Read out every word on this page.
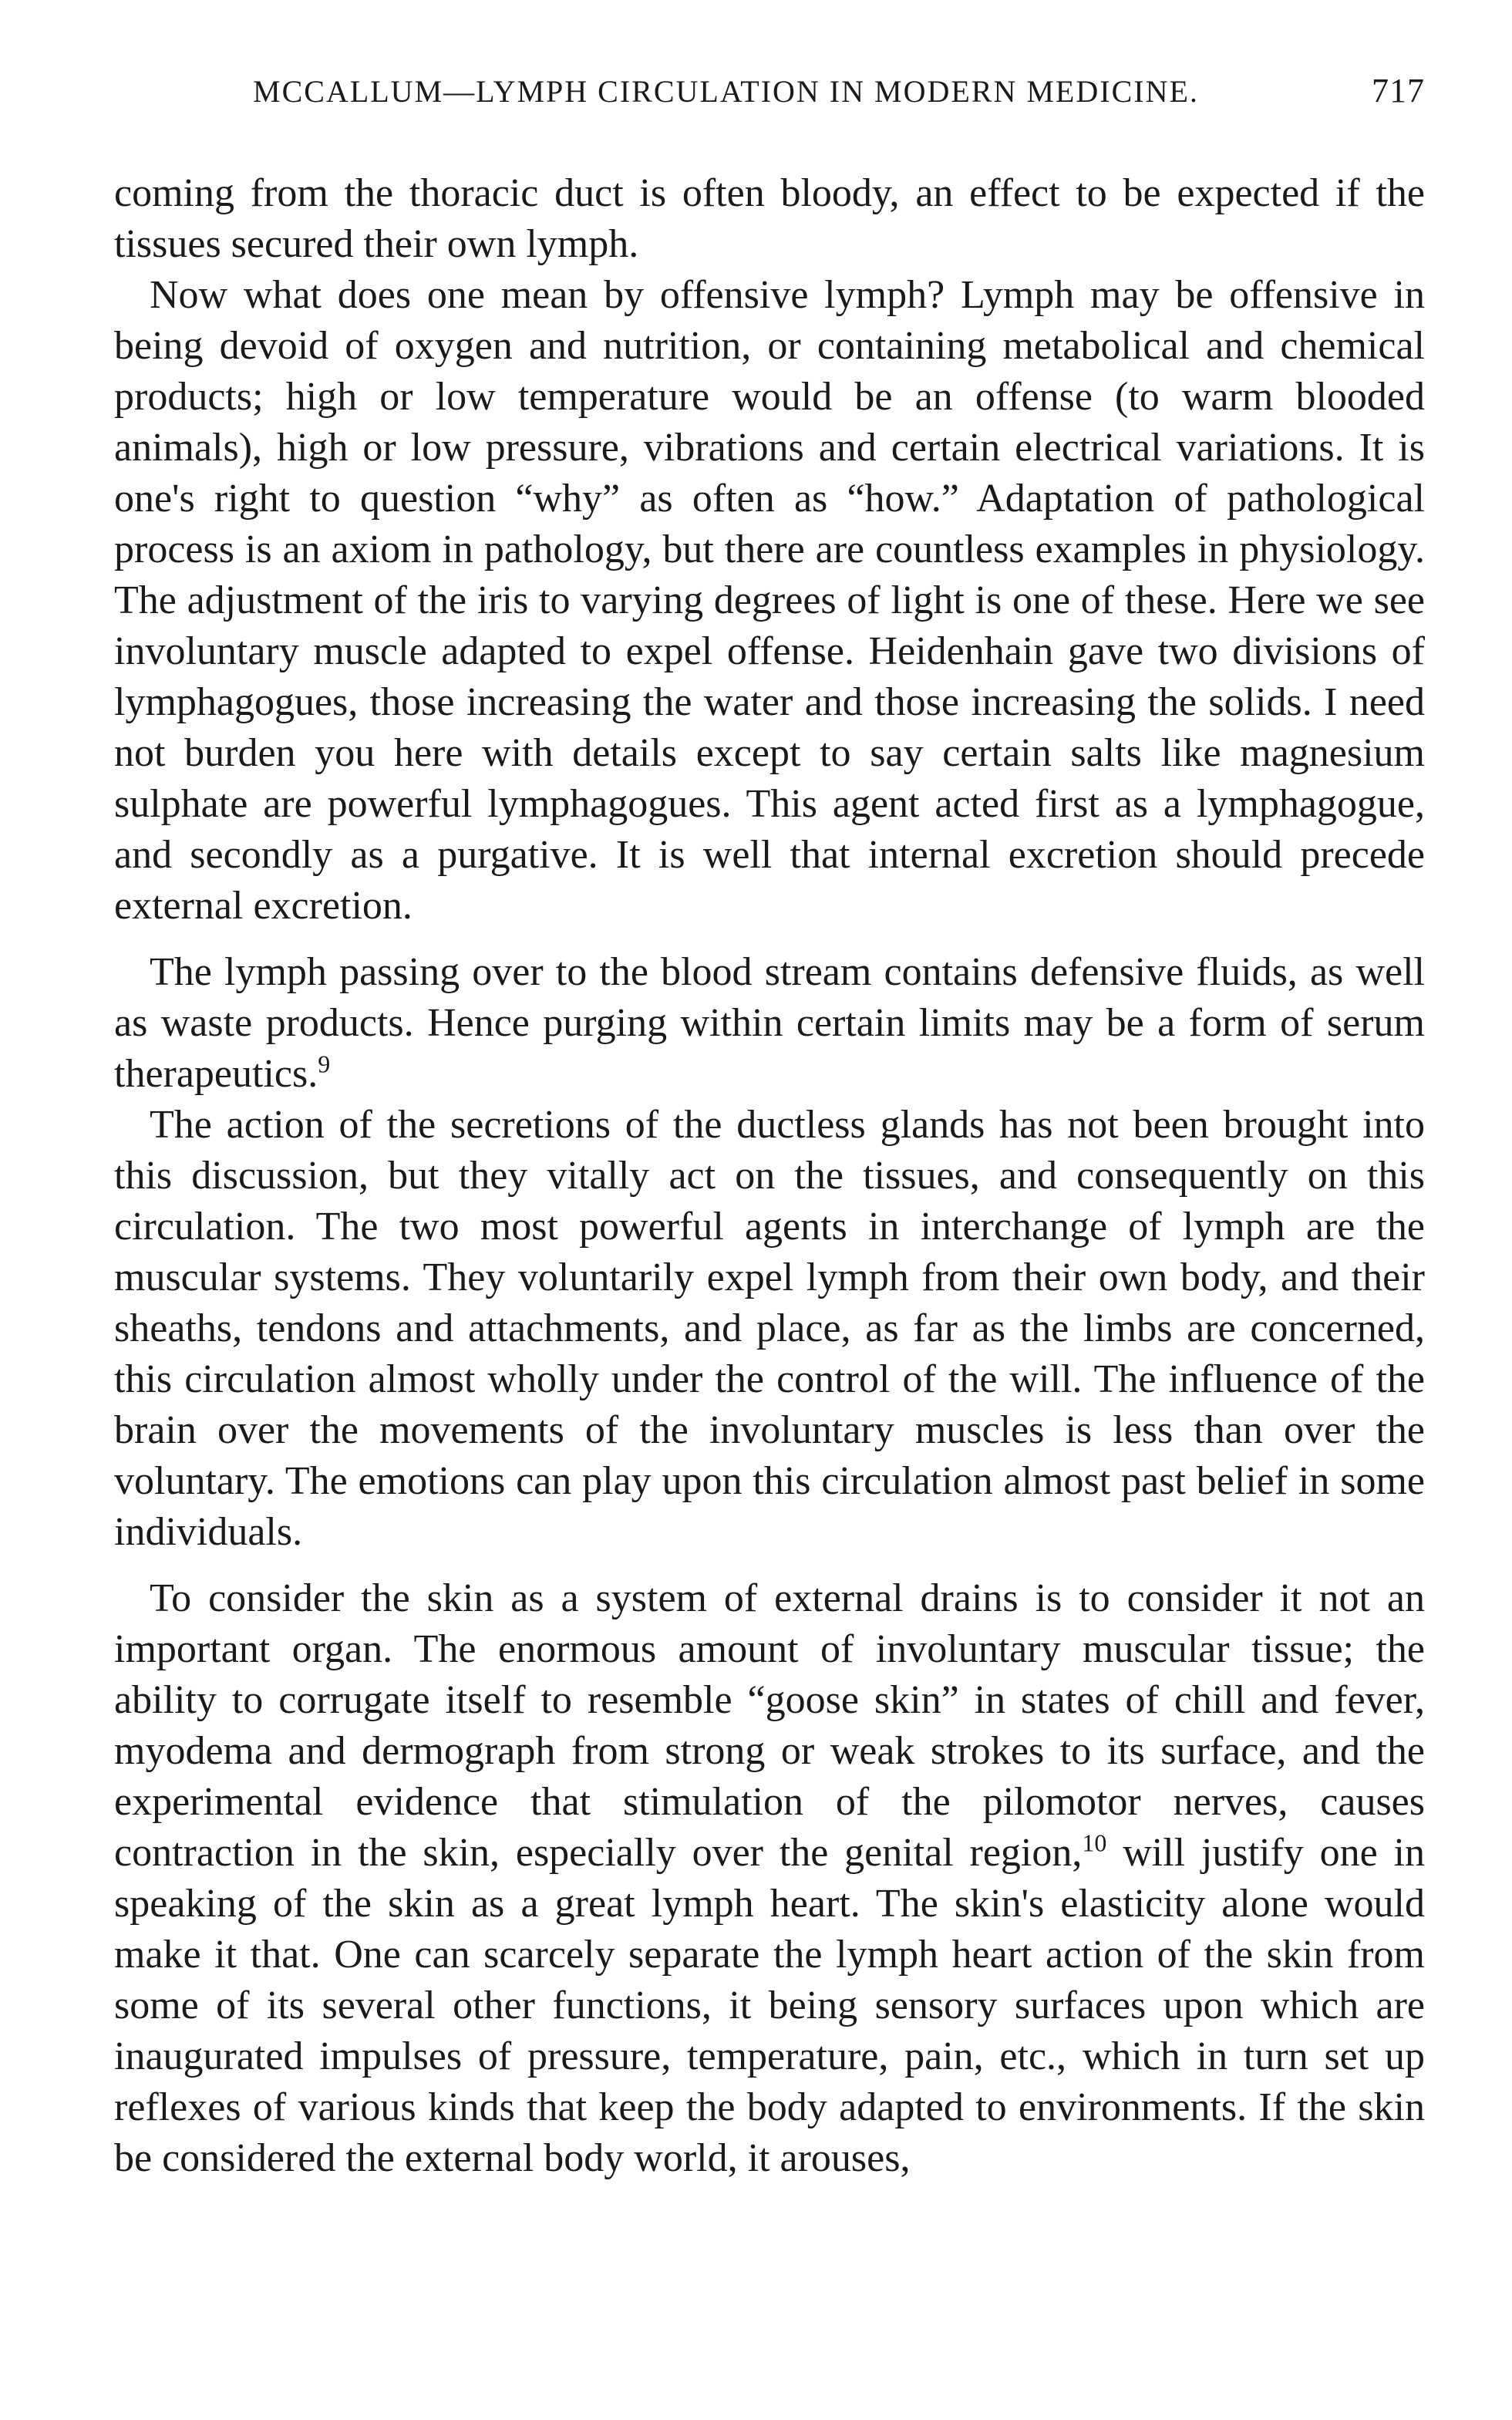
MCCALLUM—LYMPH CIRCULATION IN MODERN MEDICINE.	717

coming from the thoracic duct is often bloody, an effect to be expected if the tissues secured their own lymph.

Now what does one mean by offensive lymph? Lymph may be offensive in being devoid of oxygen and nutrition, or containing metabolical and chemical products; high or low temperature would be an offense (to warm blooded animals), high or low pressure, vibrations and certain electrical variations. It is one's right to question “why” as often as “how.” Adaptation of pathological process is an axiom in pathology, but there are countless examples in physiology. The adjustment of the iris to varying degrees of light is one of these. Here we see involuntary muscle adapted to expel offense. Heidenhain gave two divisions of lymphagogues, those increasing the water and those increasing the solids. I need not burden you here with details except to say certain salts like magnesium sulphate are powerful lymphagogues. This agent acted first as a lymphagogue, and secondly as a purgative. It is well that internal excretion should precede external excretion.

The lymph passing over to the blood stream contains defensive fluids, as well as waste products. Hence purging within certain limits may be a form of serum therapeutics.$^9$

The action of the secretions of the ductless glands has not been brought into this discussion, but they vitally act on the tissues, and consequently on this circulation. The two most powerful agents in interchange of lymph are the muscular systems. They voluntarily expel lymph from their own body, and their sheaths, tendons and attachments, and place, as far as the limbs are concerned, this circulation almost wholly under the control of the will. The influence of the brain over the movements of the involuntary muscles is less than over the voluntary. The emotions can play upon this circulation almost past belief in some individuals.

To consider the skin as a system of external drains is to consider it not an important organ. The enormous amount of involuntary muscular tissue; the ability to corrugate itself to resemble “goose skin” in states of chill and fever, myodema and dermograph from strong or weak strokes to its surface, and the experimental evidence that stimulation of the pilomotor nerves, causes contraction in the skin, especially over the genital region,$^{10}$ will justify one in speaking of the skin as a great lymph heart. The skin's elasticity alone would make it that. One can scarcely separate the lymph heart action of the skin from some of its several other functions, it being sensory surfaces upon which are inaugurated impulses of pressure, temperature, pain, etc., which in turn set up reflexes of various kinds that keep the body adapted to environments. If the skin be considered the external body world, it arouses,
